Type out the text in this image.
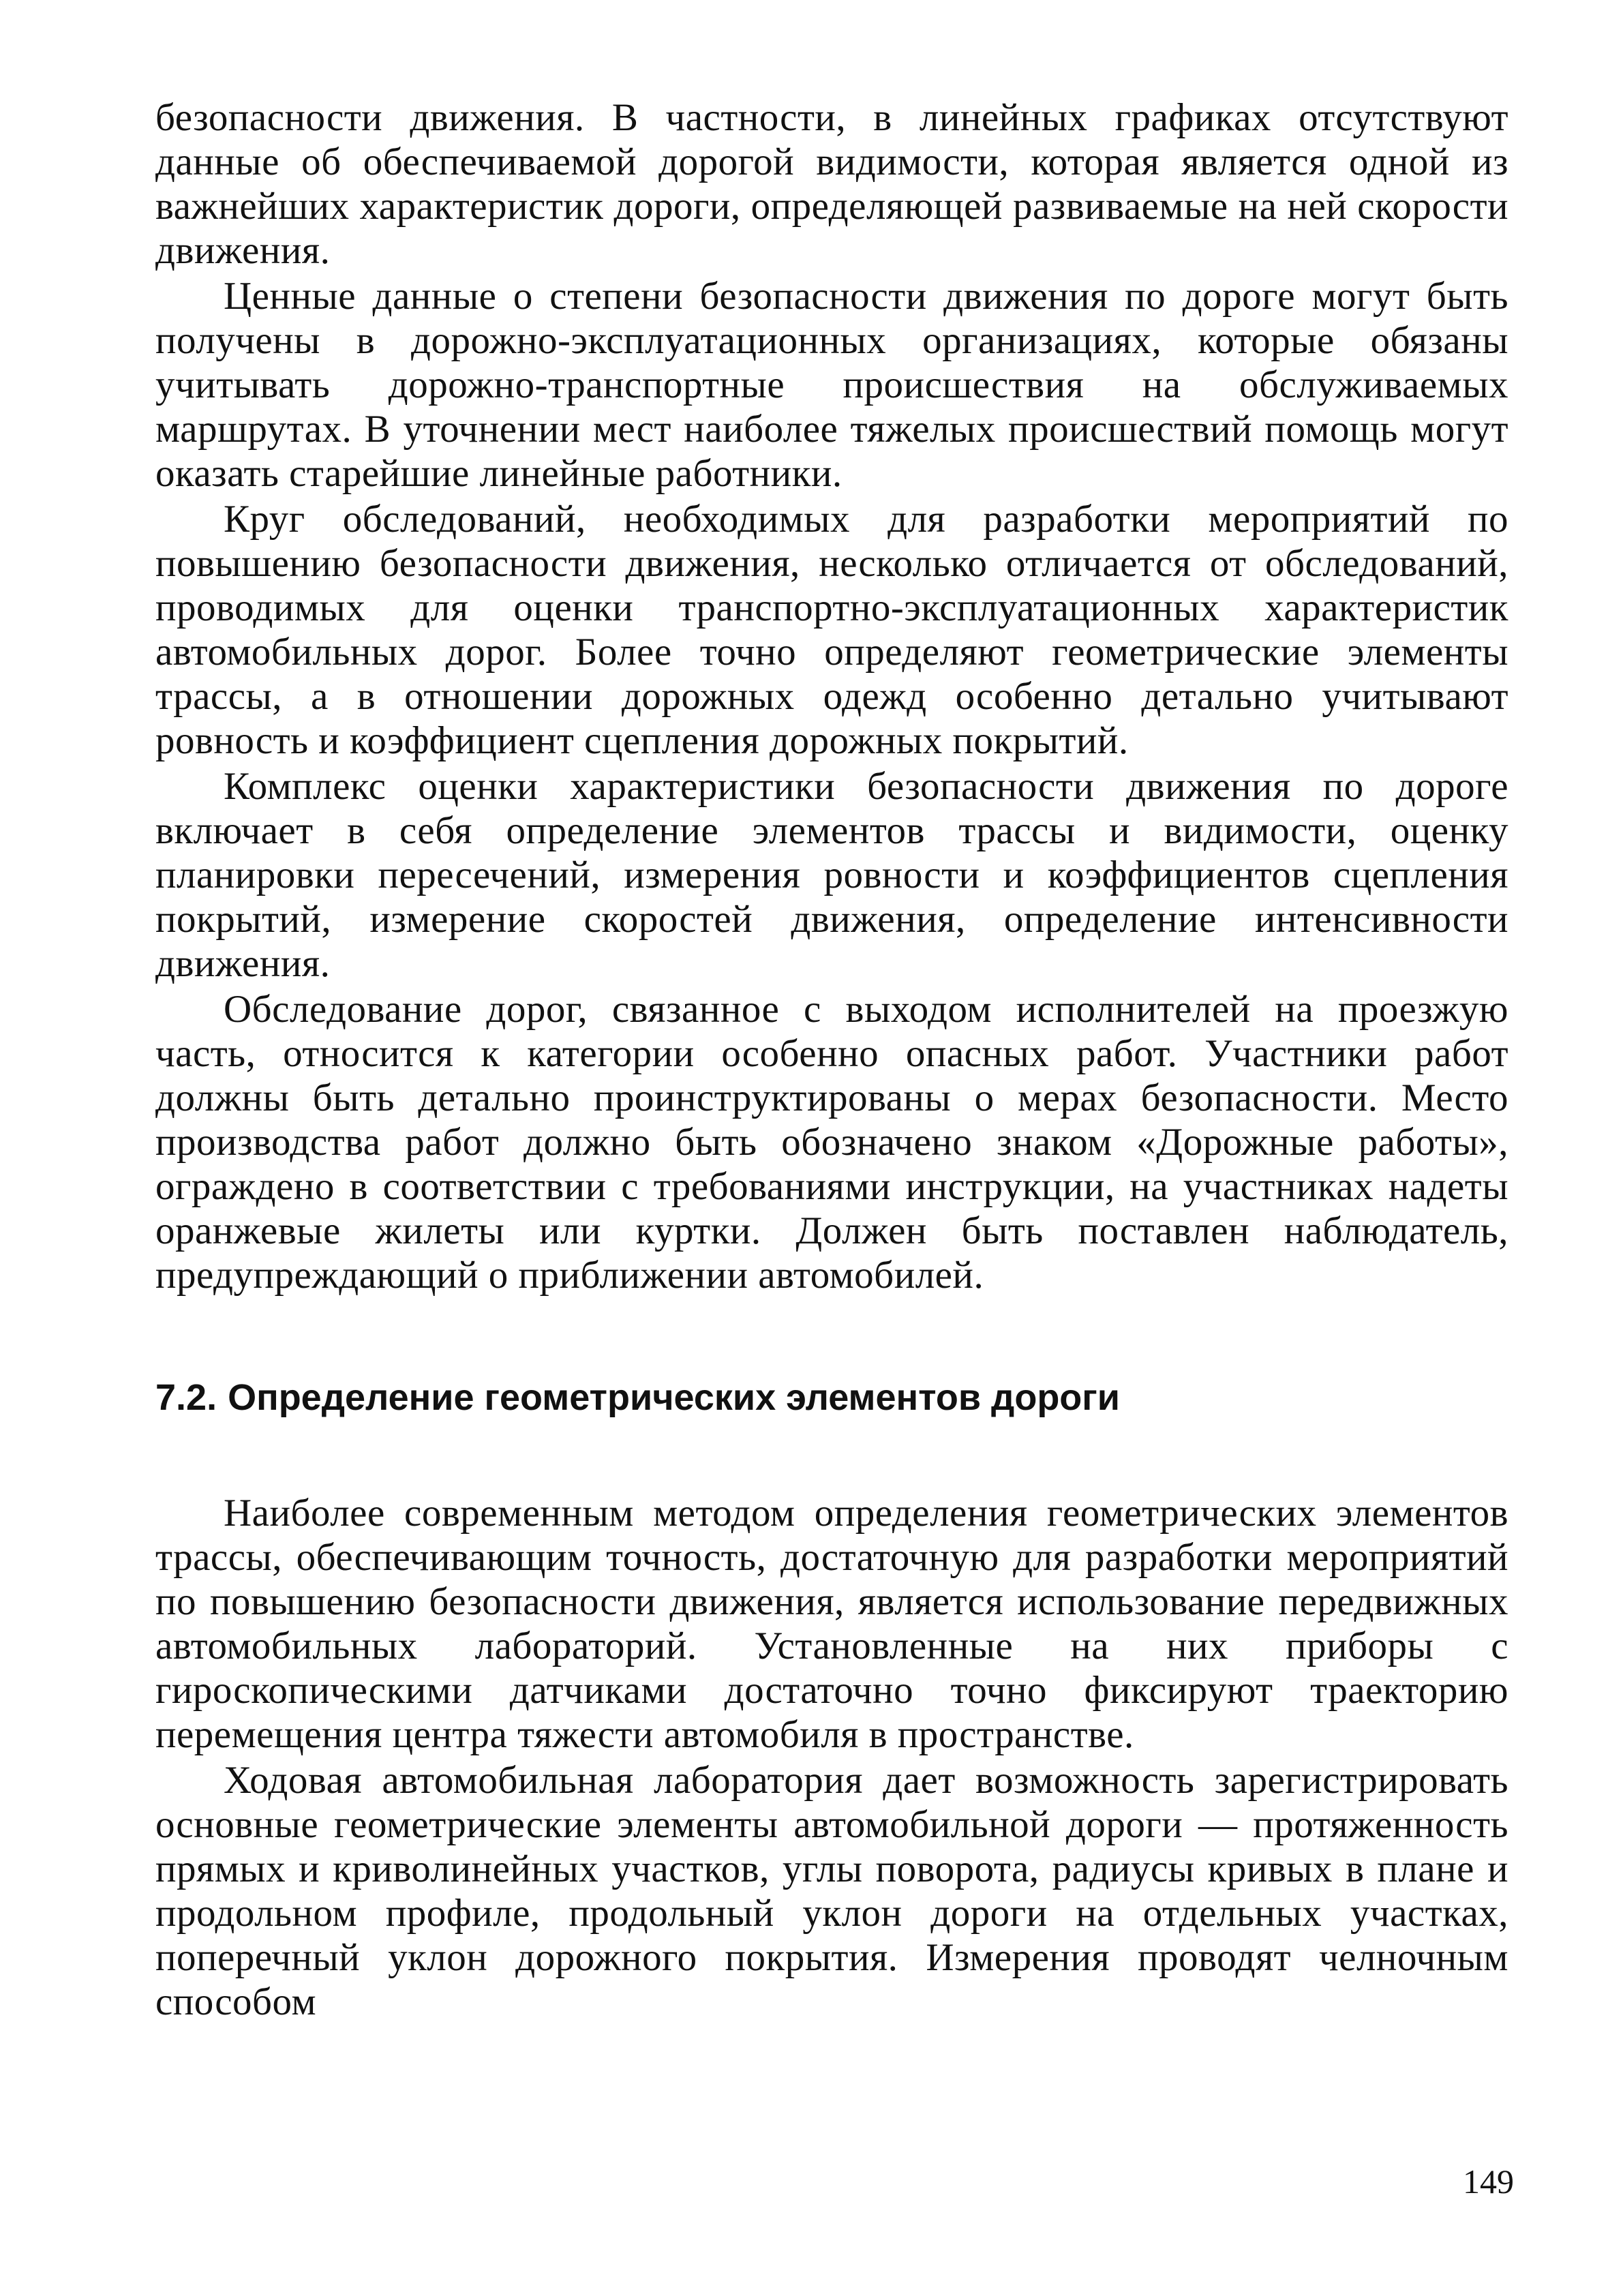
безопасности движения. В частности, в линейных графиках отсутствуют данные об обеспечиваемой дорогой видимости, которая является одной из важнейших характеристик дороги, определяющей развиваемые на ней скорости движения.

Ценные данные о степени безопасности движения по дороге могут быть получены в дорожно-эксплуатационных организациях, которые обязаны учитывать дорожно-транспортные происшествия на обслуживаемых маршрутах. В уточнении мест наиболее тяжелых происшествий помощь могут оказать старейшие линейные работники.

Круг обследований, необходимых для разработки мероприятий по повышению безопасности движения, несколько отличается от обследований, проводимых для оценки транспортно-эксплуатационных характеристик автомобильных дорог. Более точно определяют геометрические элементы трассы, а в отношении дорожных одежд особенно детально учитывают ровность и коэффициент сцепления дорожных покрытий.

Комплекс оценки характеристики безопасности движения по дороге включает в себя определение элементов трассы и видимости, оценку планировки пересечений, измерения ровности и коэффициентов сцепления покрытий, измерение скоростей движения, определение интенсивности движения.

Обследование дорог, связанное с выходом исполнителей на проезжую часть, относится к категории особенно опасных работ. Участники работ должны быть детально проинструктированы о мерах безопасности. Место производства работ должно быть обозначено знаком «Дорожные работы», ограждено в соответствии с требованиями инструкции, на участниках надеты оранжевые жилеты или куртки. Должен быть поставлен наблюдатель, предупреждающий о приближении автомобилей.

7.2. Определение геометрических элементов дороги

Наиболее современным методом определения геометрических элементов трассы, обеспечивающим точность, достаточную для разработки мероприятий по повышению безопасности движения, является использование передвижных автомобильных лабораторий. Установленные на них приборы с гироскопическими датчиками достаточно точно фиксируют траекторию перемещения центра тяжести автомобиля в пространстве.

Ходовая автомобильная лаборатория дает возможность зарегистрировать основные геометрические элементы автомобильной дороги — протяженность прямых и криволинейных участков, углы поворота, радиусы кривых в плане и продольном профиле, продольный уклон дороги на отдельных участках, поперечный уклон дорожного покрытия. Измерения проводят челночным способом

149
